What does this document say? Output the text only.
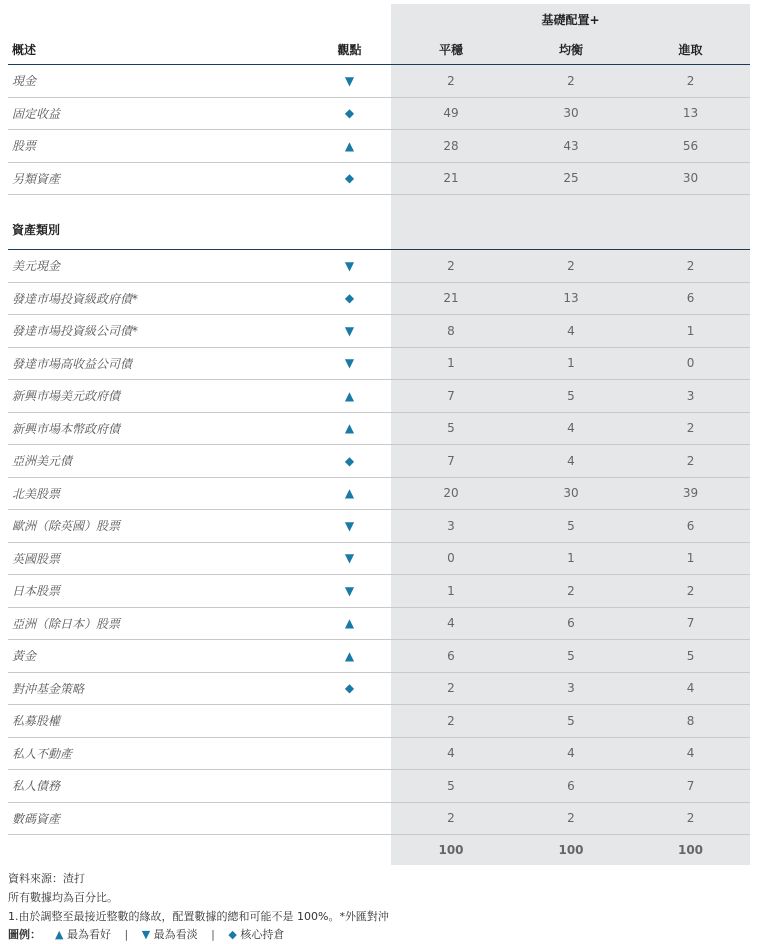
		基礎配置+		
概述	觀點	平穩	均衡	進取
現金	▼	2	2	2
固定收益	◆	49	30	13
股票	▲	28	43	56
另類資產	◆	21	25	30
資產類別				
美元現金	▼	2	2	2
發達市場投資級政府債*	◆	21	13	6
發達市場投資級公司債*	▼	8	4	1
發達市場高收益公司債	▼	1	1	0
新興市場美元政府債	▲	7	5	3
新興市場本幣政府債	▲	5	4	2
亞洲美元債	◆	7	4	2
北美股票	▲	20	30	39
歐洲（除英國）股票	▼	3	5	6
英國股票	▼	0	1	1
日本股票	▼	1	2	2
亞洲（除日本）股票	▲	4	6	7
黃金	▲	6	5	5
對沖基金策略	◆	2	3	4
私募股權		2	5	8
私人不動產		4	4	4
私人債務		5	6	7
數碼資產		2	2	2
		100	100	100
資料來源：渣打
所有數據均為百分比。
1.由於調整至最接近整數的緣故，配置數據的總和可能不是 100%。*外匯對沖
圖例： ▲ 最為看好 | ▼ 最為看淡 | ◆ 核心持倉
